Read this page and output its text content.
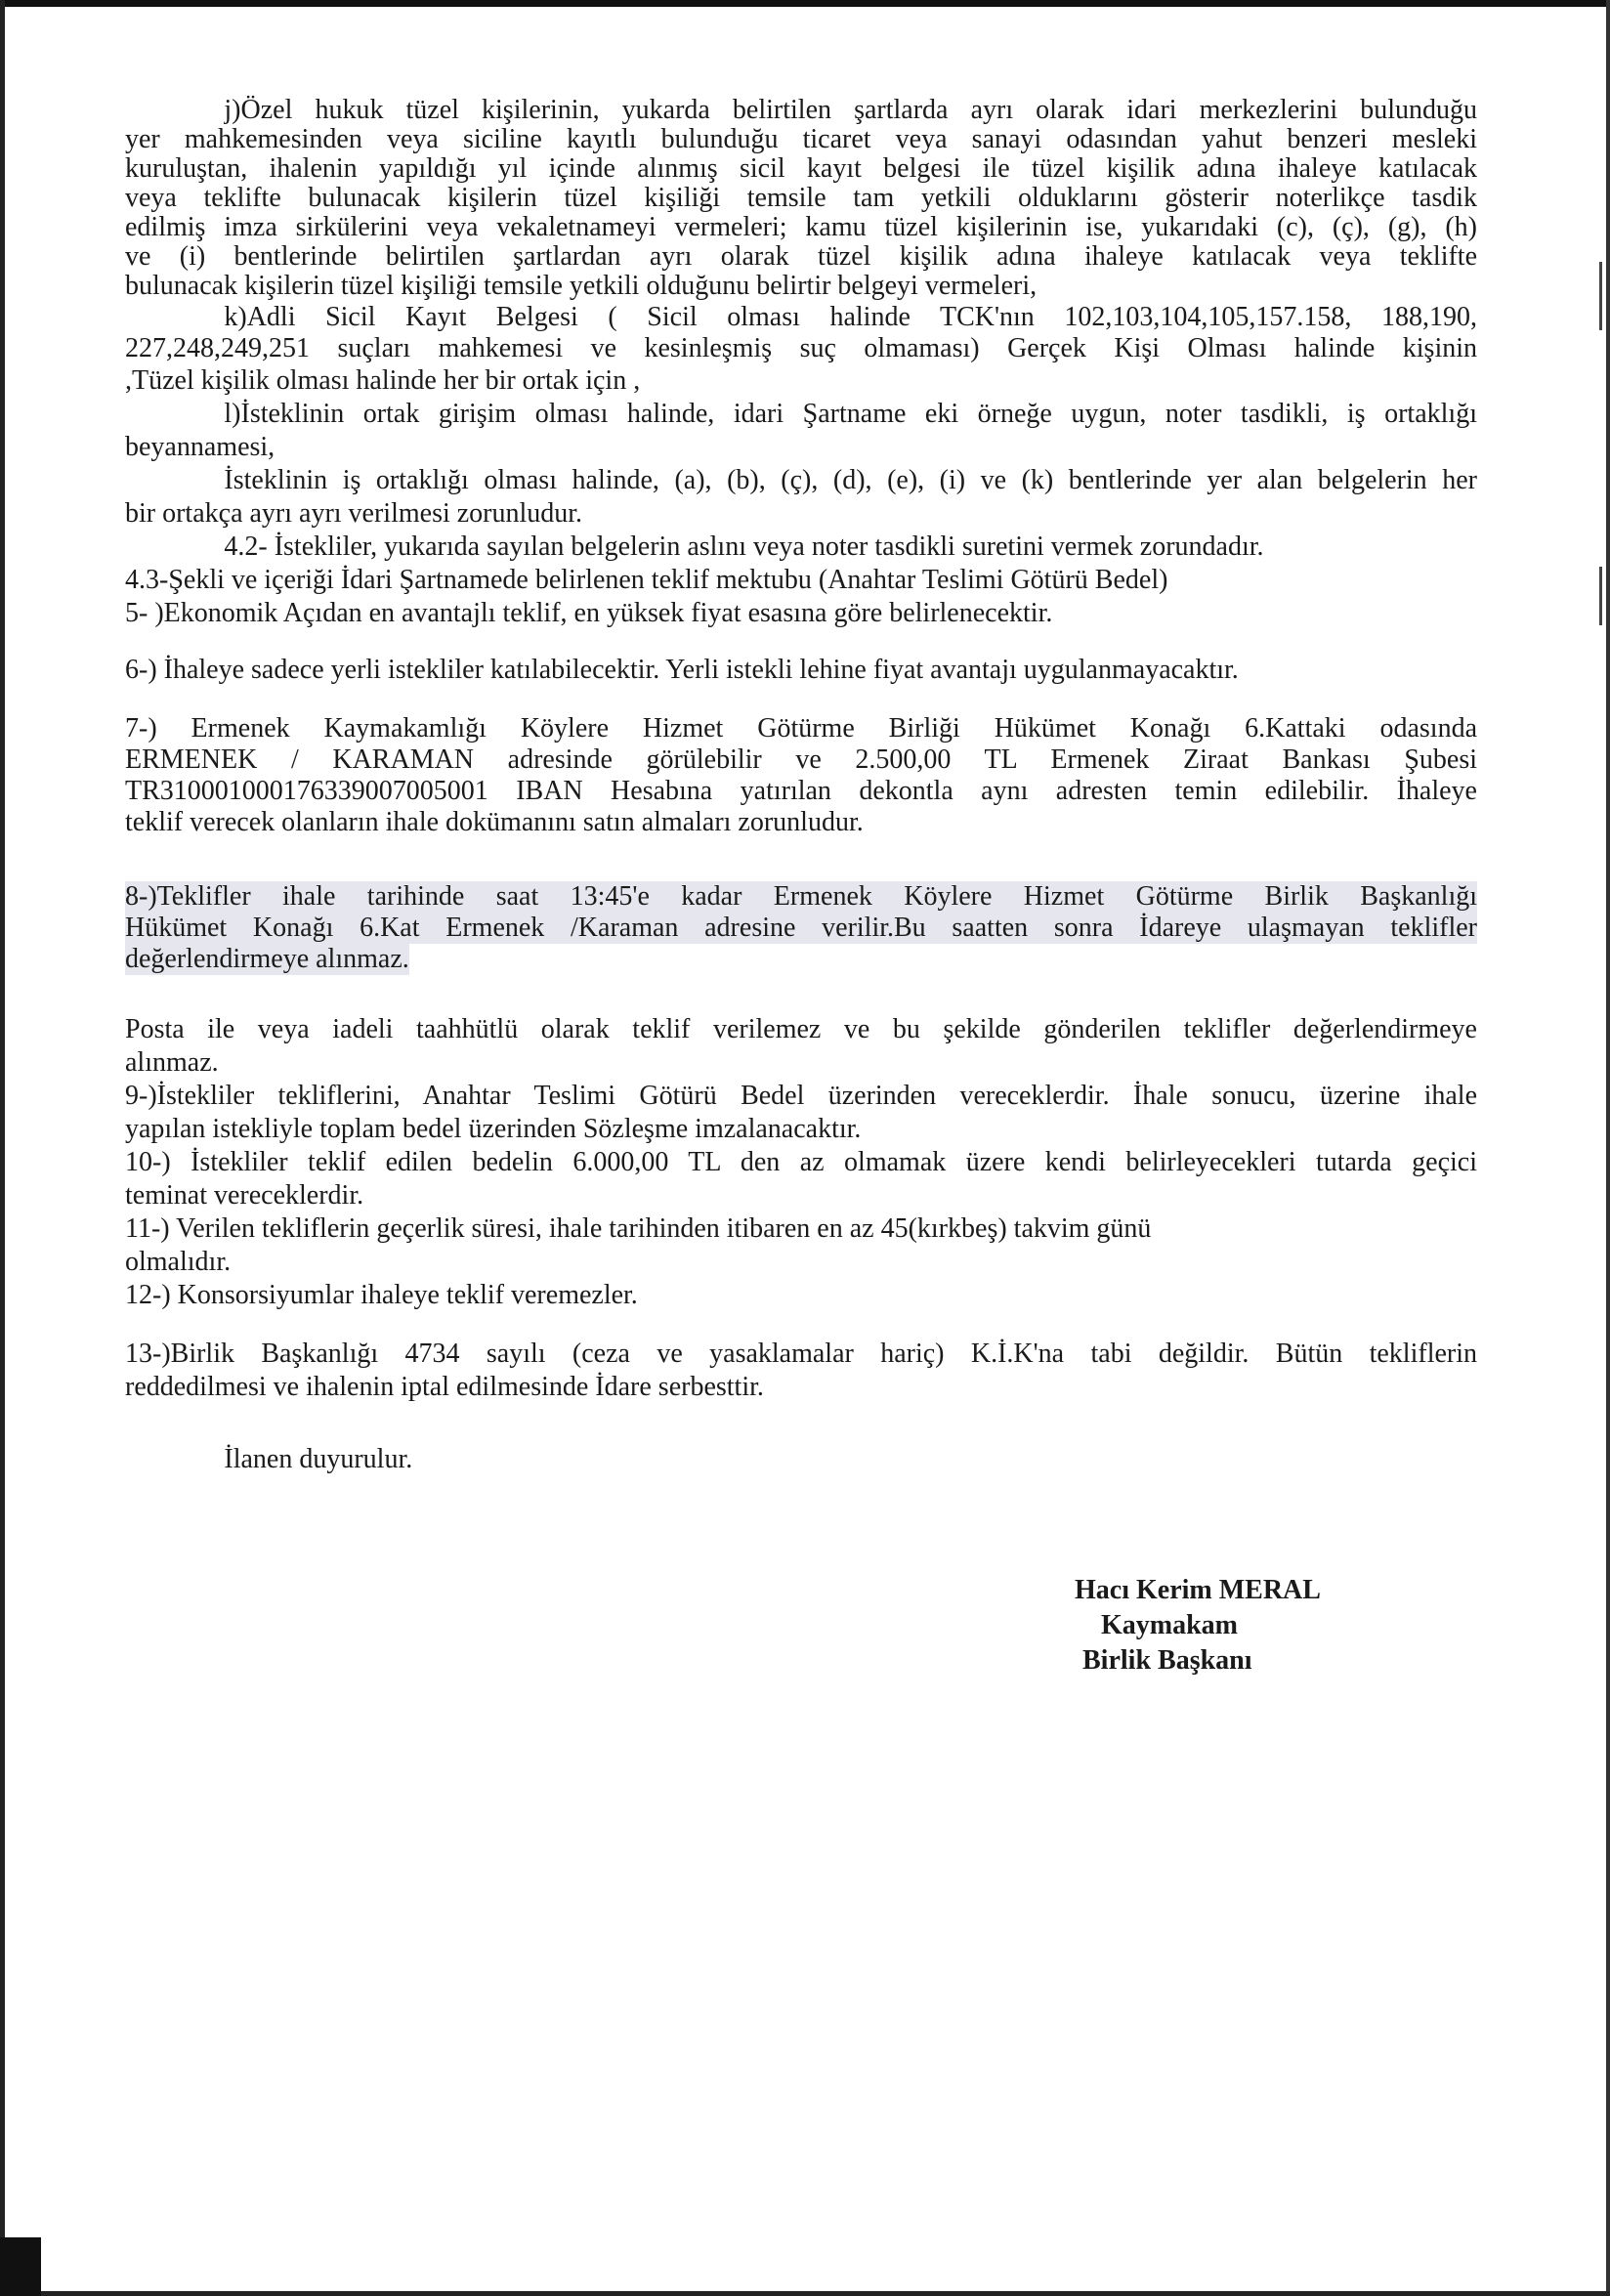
j)Özel hukuk tüzel kişilerinin, yukarda belirtilen şartlarda ayrı olarak idari merkezlerini bulunduğu
yer mahkemesinden veya siciline kayıtlı bulunduğu ticaret veya sanayi odasından yahut benzeri mesleki
kuruluştan, ihalenin yapıldığı yıl içinde alınmış sicil kayıt belgesi ile tüzel kişilik adına ihaleye katılacak
veya teklifte bulunacak kişilerin tüzel kişiliği temsile tam yetkili olduklarını gösterir noterlikçe tasdik
edilmiş imza sirkülerini veya vekaletnameyi vermeleri; kamu tüzel kişilerinin ise, yukarıdaki (c), (ç), (g), (h)
ve (i) bentlerinde belirtilen şartlardan ayrı olarak tüzel kişilik adına ihaleye katılacak veya teklifte
bulunacak kişilerin tüzel kişiliği temsile yetkili olduğunu belirtir belgeyi vermeleri,
k)Adli Sicil Kayıt Belgesi ( Sicil olması halinde TCK'nın 102,103,104,105,157.158, 188,190,
227,248,249,251 suçları mahkemesi ve kesinleşmiş suç olmaması) Gerçek Kişi Olması halinde kişinin
,Tüzel kişilik olması halinde her bir ortak için ,
l)İsteklinin ortak girişim olması halinde, idari Şartname eki örneğe uygun, noter tasdikli, iş ortaklığı
beyannamesi,
İsteklinin iş ortaklığı olması halinde, (a), (b), (ç), (d), (e), (i) ve (k) bentlerinde yer alan belgelerin her
bir ortakça ayrı ayrı verilmesi zorunludur.
4.2- İstekliler, yukarıda sayılan belgelerin aslını veya noter tasdikli suretini vermek zorundadır.
4.3-Şekli ve içeriği İdari Şartnamede belirlenen teklif mektubu (Anahtar Teslimi Götürü Bedel)
5- )Ekonomik Açıdan en avantajlı teklif, en yüksek fiyat esasına göre belirlenecektir.
6-) İhaleye sadece yerli istekliler katılabilecektir. Yerli istekli lehine fiyat avantajı uygulanmayacaktır.
7-) Ermenek Kaymakamlığı Köylere Hizmet Götürme Birliği Hükümet Konağı 6.Kattaki odasında
ERMENEK / KARAMAN adresinde görülebilir ve 2.500,00 TL Ermenek Ziraat Bankası Şubesi
TR310001000176339007005001 IBAN Hesabına yatırılan dekontla aynı adresten temin edilebilir. İhaleye
teklif verecek olanların ihale dokümanını satın almaları zorunludur.
8-)Teklifler ihale tarihinde saat 13:45'e kadar Ermenek Köylere Hizmet Götürme Birlik Başkanlığı
Hükümet Konağı 6.Kat Ermenek /Karaman adresine verilir.Bu saatten sonra İdareye ulaşmayan teklifler
değerlendirmeye alınmaz.
Posta ile veya iadeli taahhütlü olarak teklif verilemez ve bu şekilde gönderilen teklifler değerlendirmeye
alınmaz.
9-)İstekliler tekliflerini, Anahtar Teslimi Götürü Bedel üzerinden vereceklerdir. İhale sonucu, üzerine ihale
yapılan istekliyle toplam bedel üzerinden Sözleşme imzalanacaktır.
10-) İstekliler teklif edilen bedelin 6.000,00 TL den az olmamak üzere kendi belirleyecekleri tutarda geçici
teminat vereceklerdir.
11-) Verilen tekliflerin geçerlik süresi, ihale tarihinden itibaren en az 45(kırkbeş) takvim günü
olmalıdır.
12-) Konsorsiyumlar ihaleye teklif veremezler.
13-)Birlik Başkanlığı 4734 sayılı (ceza ve yasaklamalar hariç) K.İ.K'na tabi değildir. Bütün tekliflerin
reddedilmesi ve ihalenin iptal edilmesinde İdare serbesttir.
İlanen duyurulur.
Hacı Kerim MERAL
Kaymakam
Birlik Başkanı
